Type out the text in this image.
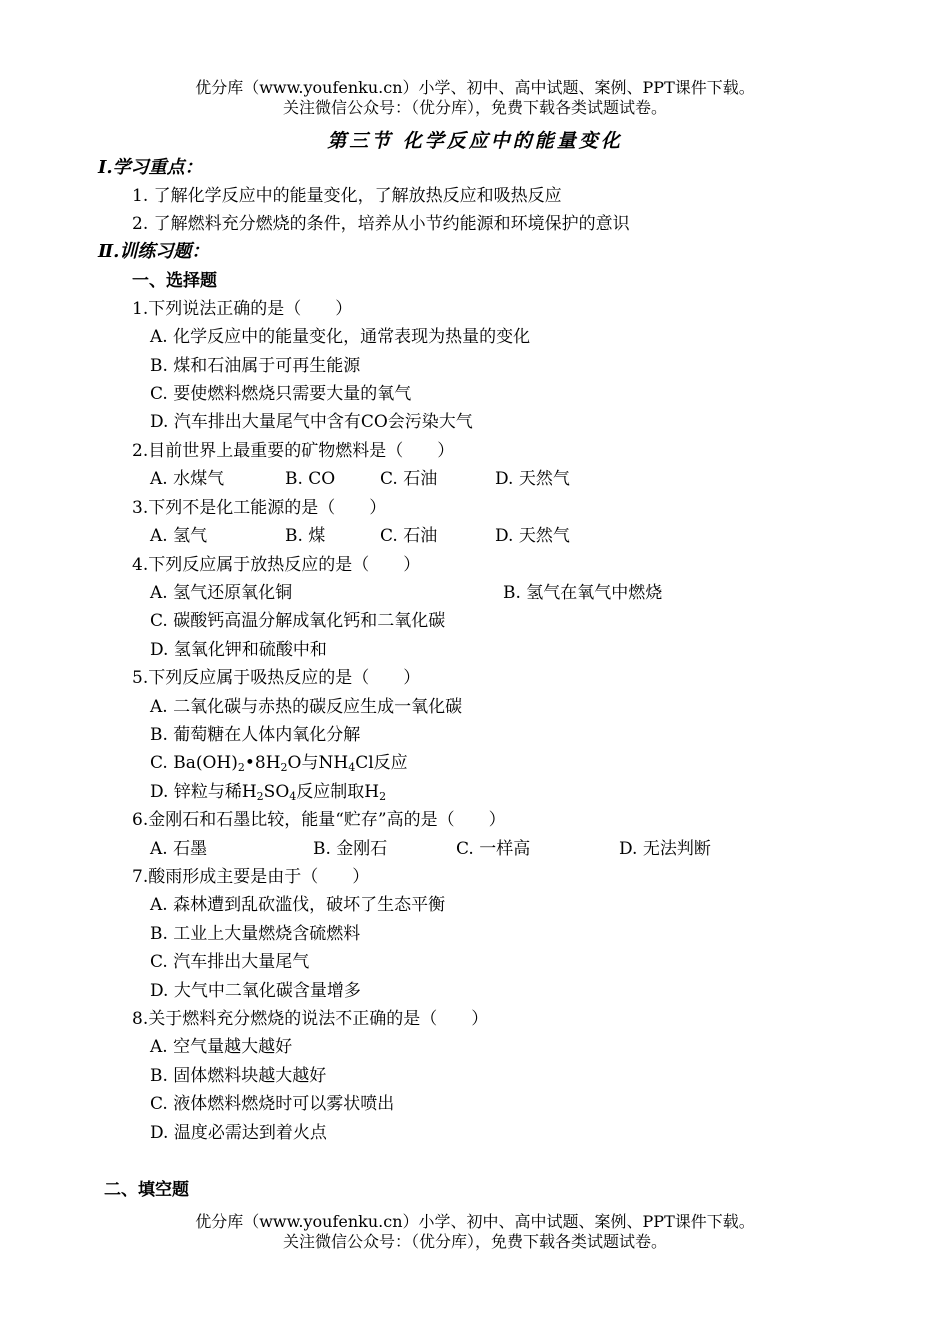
优分库（www.youfenku.cn）小学、初中、高中试题、案例、PPT课件下载。
关注微信公众号：（优分库），免费下载各类试题试卷。
第三节 化学反应中的能量变化
Ⅰ.学习重点：
1. 了解化学反应中的能量变化，了解放热反应和吸热反应
2. 了解燃料充分燃烧的条件，培养从小节约能源和环境保护的意识
Ⅱ.训练习题：
一、选择题
1.下列说法正确的是（　　）
A. 化学反应中的能量变化，通常表现为热量的变化
B. 煤和石油属于可再生能源
C. 要使燃料燃烧只需要大量的氧气
D. 汽车排出大量尾气中含有CO会污染大气
2.目前世界上最重要的矿物燃料是（　　）
A. 水煤气	B. CO	C. 石油	D. 天然气
3.下列不是化工能源的是（　　）
A. 氢气	B. 煤	C. 石油	D. 天然气
4.下列反应属于放热反应的是（　　）
A. 氢气还原氧化铜	B. 氢气在氧气中燃烧
C. 碳酸钙高温分解成氧化钙和二氧化碳
D. 氢氧化钾和硫酸中和
5.下列反应属于吸热反应的是（　　）
A. 二氧化碳与赤热的碳反应生成一氧化碳
B. 葡萄糖在人体内氧化分解
C. $Ba(OH)_2•8H_2O$与$NH_4Cl$反应
D. 锌粒与稀$H_2SO_4$反应制取$H_2$
6.金刚石和石墨比较，能量“贮存”高的是（　　）
A. 石墨	B. 金刚石	C. 一样高	D. 无法判断
7.酸雨形成主要是由于（　　）
A. 森林遭到乱砍滥伐，破坏了生态平衡
B. 工业上大量燃烧含硫燃料
C. 汽车排出大量尾气
D. 大气中二氧化碳含量增多
8.关于燃料充分燃烧的说法不正确的是（　　）
A. 空气量越大越好
B. 固体燃料块越大越好
C. 液体燃料燃烧时可以雾状喷出
D. 温度必需达到着火点
二、填空题
优分库（www.youfenku.cn）小学、初中、高中试题、案例、PPT课件下载。
关注微信公众号：（优分库），免费下载各类试题试卷。
